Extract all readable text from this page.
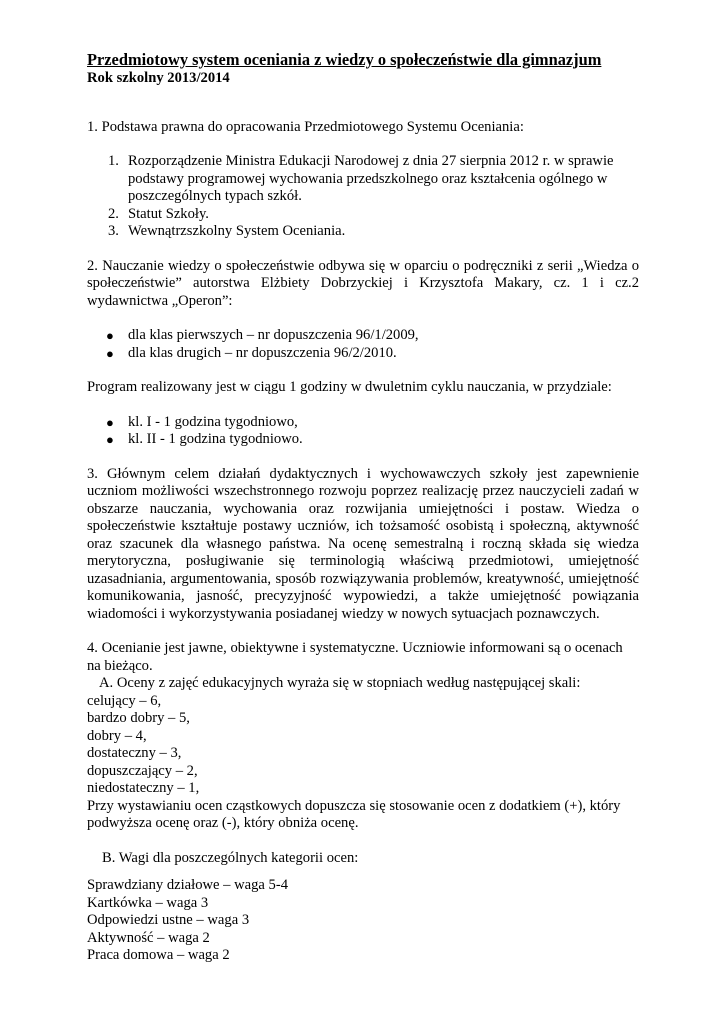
Przedmiotowy system oceniania z wiedzy o społeczeństwie dla gimnazjum
Rok szkolny 2013/2014
1. Podstawa prawna do opracowania Przedmiotowego Systemu Oceniania:
1. Rozporządzenie Ministra Edukacji Narodowej z dnia 27 sierpnia 2012 r. w sprawie podstawy programowej wychowania przedszkolnego oraz kształcenia ogólnego w poszczególnych typach szkół.
2. Statut Szkoły.
3. Wewnątrzszkolny System Oceniania.
2. Nauczanie wiedzy o społeczeństwie odbywa się w oparciu o podręczniki z serii „Wiedza o społeczeństwie” autorstwa Elżbiety Dobrzyckiej i Krzysztofa Makary, cz. 1 i cz.2 wydawnictwa „Operon”:
● dla klas pierwszych – nr dopuszczenia 96/1/2009,
● dla klas drugich – nr dopuszczenia 96/2/2010.
Program realizowany jest w ciągu 1 godziny w dwuletnim cyklu nauczania, w przydziale:
● kl. I - 1 godzina tygodniowo,
● kl. II - 1 godzina tygodniowo.
3. Głównym celem działań dydaktycznych i wychowawczych szkoły jest zapewnienie uczniom możliwości wszechstronnego rozwoju poprzez realizację przez nauczycieli zadań w obszarze nauczania, wychowania oraz rozwijania umiejętności i postaw. Wiedza o społeczeństwie kształtuje postawy uczniów, ich tożsamość osobistą i społeczną, aktywność oraz szacunek dla własnego państwa. Na ocenę semestralną i roczną składa się wiedza merytoryczna, posługiwanie się terminologią właściwą przedmiotowi, umiejętność uzasadniania, argumentowania, sposób rozwiązywania problemów, kreatywność, umiejętność komunikowania, jasność, precyzyjność wypowiedzi, a także umiejętność powiązania wiadomości i wykorzystywania posiadanej wiedzy w nowych sytuacjach poznawczych.
4. Ocenianie jest jawne, obiektywne i systematyczne. Uczniowie informowani są o ocenach na bieżąco.
A. Oceny z zajęć edukacyjnych wyraża się w stopniach według następującej skali:
celujący – 6,
bardzo dobry – 5,
dobry – 4,
dostateczny – 3,
dopuszczający – 2,
niedostateczny – 1,
Przy wystawianiu ocen cząstkowych dopuszcza się stosowanie ocen z dodatkiem (+), który podwyższa ocenę oraz (-), który obniża ocenę.
B. Wagi dla poszczególnych kategorii ocen:
Sprawdziany działowe – waga 5-4
Kartkówka – waga 3
Odpowiedzi ustne – waga 3
Aktywność – waga 2
Praca domowa – waga 2
